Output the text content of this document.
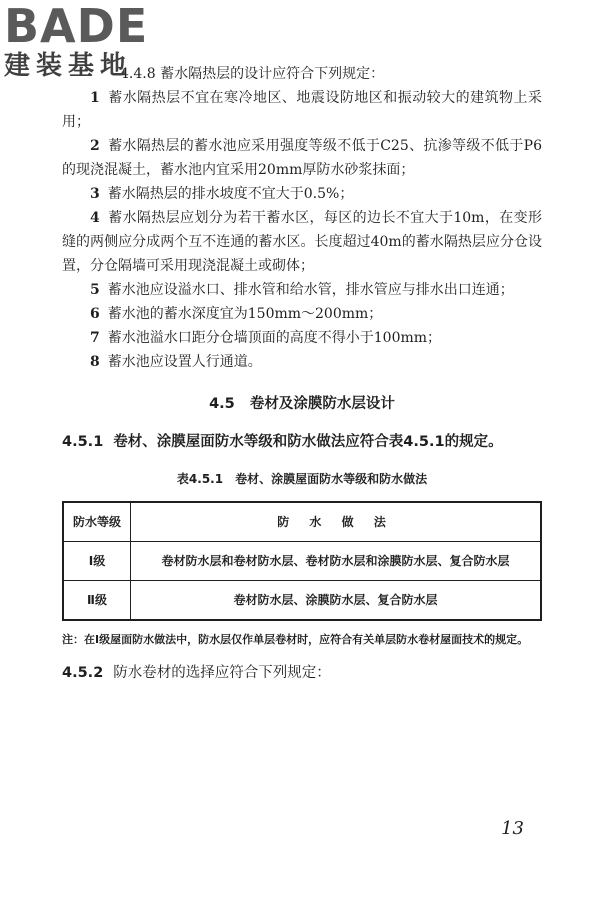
BADE
建装基地

4.4.8 蓄水隔热层的设计应符合下列规定：

1 蓄水隔热层不宜在寒冷地区、地震设防地区和振动较大的建筑物上采用；

2 蓄水隔热层的蓄水池应采用强度等级不低于C25、抗渗等级不低于P6的现浇混凝土，蓄水池内宜采用20mm厚防水砂浆抹面；

3 蓄水隔热层的排水坡度不宜大于0.5%；

4 蓄水隔热层应划分为若干蓄水区，每区的边长不宜大于10m，在变形缝的两侧应分成两个互不连通的蓄水区。长度超过40m的蓄水隔热层应分仓设置，分仓隔墙可采用现浇混凝土或砌体；

5 蓄水池应设溢水口、排水管和给水管，排水管应与排水出口连通；

6 蓄水池的蓄水深度宜为150mm～200mm；

7 蓄水池溢水口距分仓墙顶面的高度不得小于100mm；

8 蓄水池应设置人行通道。

4.5 卷材及涂膜防水层设计

4.5.1 卷材、涂膜屋面防水等级和防水做法应符合表4.5.1的规定。

表4.5.1　卷材、涂膜屋面防水等级和防水做法
防水等级	防 水 做 法
Ⅰ级	卷材防水层和卷材防水层、卷材防水层和涂膜防水层、复合防水层
Ⅱ级	卷材防水层、涂膜防水层、复合防水层
注：在Ⅰ级屋面防水做法中，防水层仅作单层卷材时，应符合有关单层防水卷材屋面技术的规定。

4.5.2 防水卷材的选择应符合下列规定：

13
